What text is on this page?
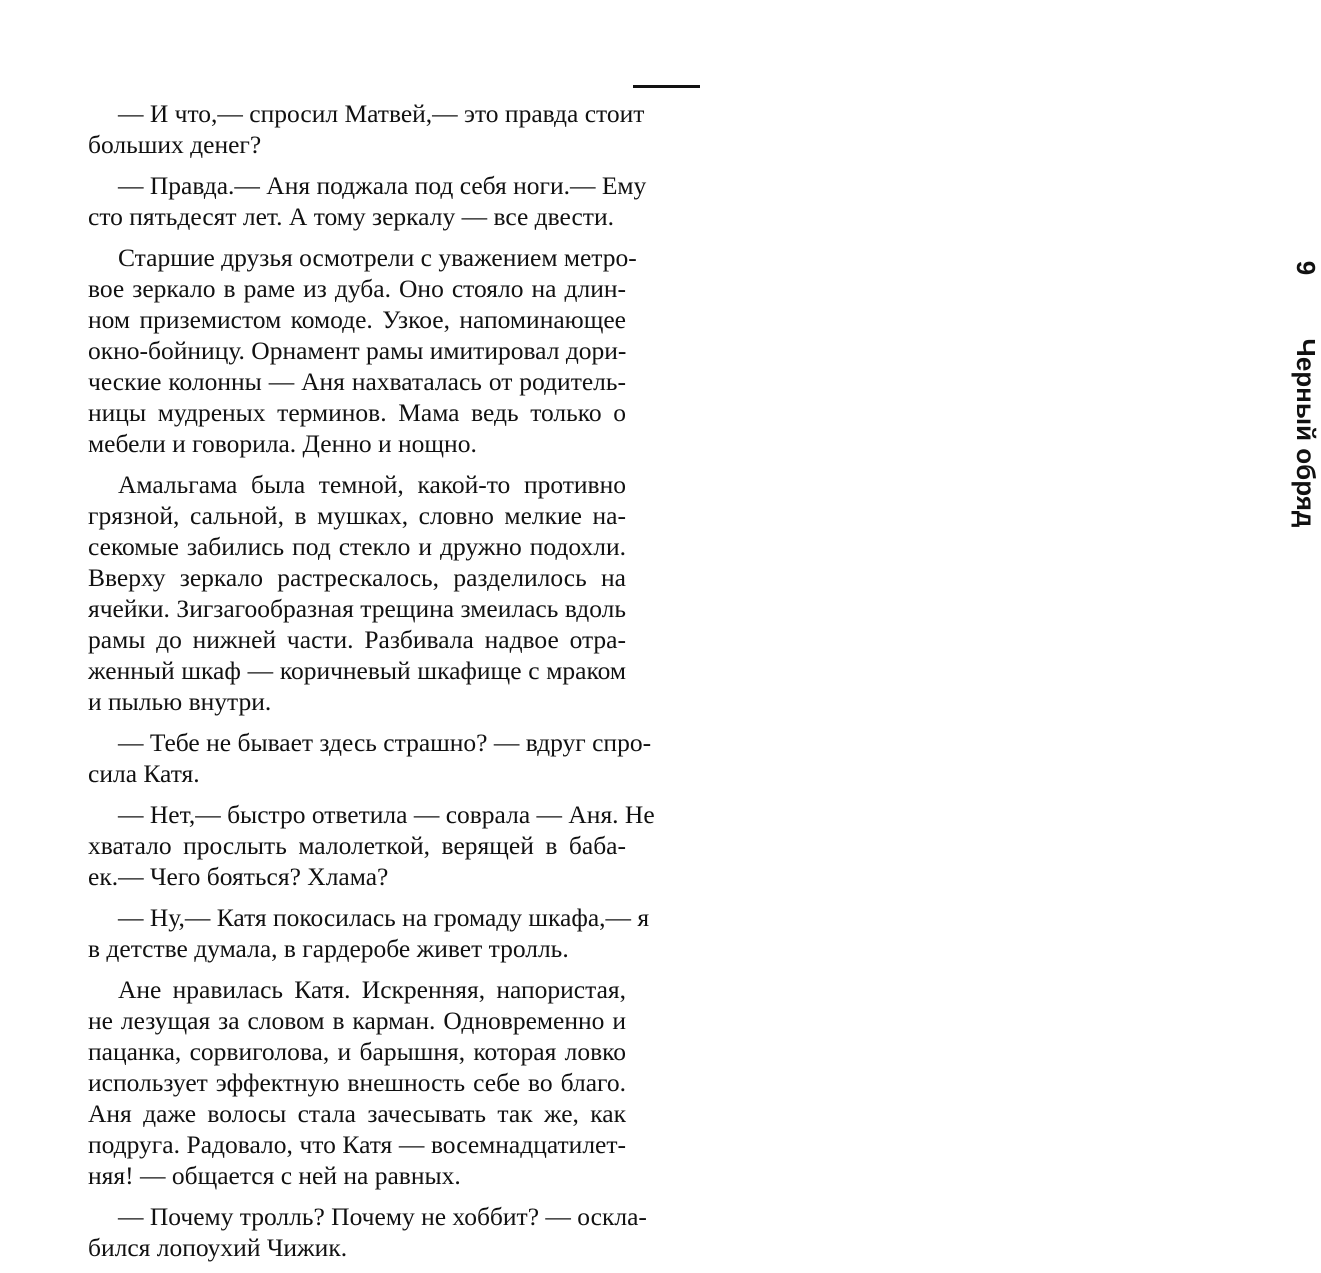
9
Черный обряд

— И что,— спросил Матвей,— это правда стоит
больших денег?

— Правда.— Аня поджала под себя ноги.— Ему
сто пятьдесят лет. А тому зеркалу — все двести.

Старшие друзья осмотрели с уважением метро-
вое зеркало в раме из дуба. Оно стояло на длин-
ном приземистом комоде. Узкое, напоминающее
окно-бойницу. Орнамент рамы имитировал дори-
ческие колонны — Аня нахваталась от родитель-
ницы мудреных терминов. Мама ведь только о
мебели и говорила. Денно и нощно.

Амальгама была темной, какой-то противно
грязной, сальной, в мушках, словно мелкие на-
секомые забились под стекло и дружно подохли.
Вверху зеркало растрескалось, разделилось на
ячейки. Зигзагообразная трещина змеилась вдоль
рамы до нижней части. Разбивала надвое отра-
женный шкаф — коричневый шкафище с мраком
и пылью внутри.

— Тебе не бывает здесь страшно? — вдруг спро-
сила Катя.

— Нет,— быстро ответила — соврала — Аня. Не
хватало прослыть малолеткой, верящей в баба-
ек.— Чего бояться? Хлама?

— Ну,— Катя покосилась на громаду шкафа,— я
в детстве думала, в гардеробе живет тролль.

Ане нравилась Катя. Искренняя, напористая,
не лезущая за словом в карман. Одновременно и
пацанка, сорвиголова, и барышня, которая ловко
использует эффектную внешность себе во благо.
Аня даже волосы стала зачесывать так же, как
подруга. Радовало, что Катя — восемнадцатилет-
няя! — общается с ней на равных.

— Почему тролль? Почему не хоббит? — оскла-
бился лопоухий Чижик.
